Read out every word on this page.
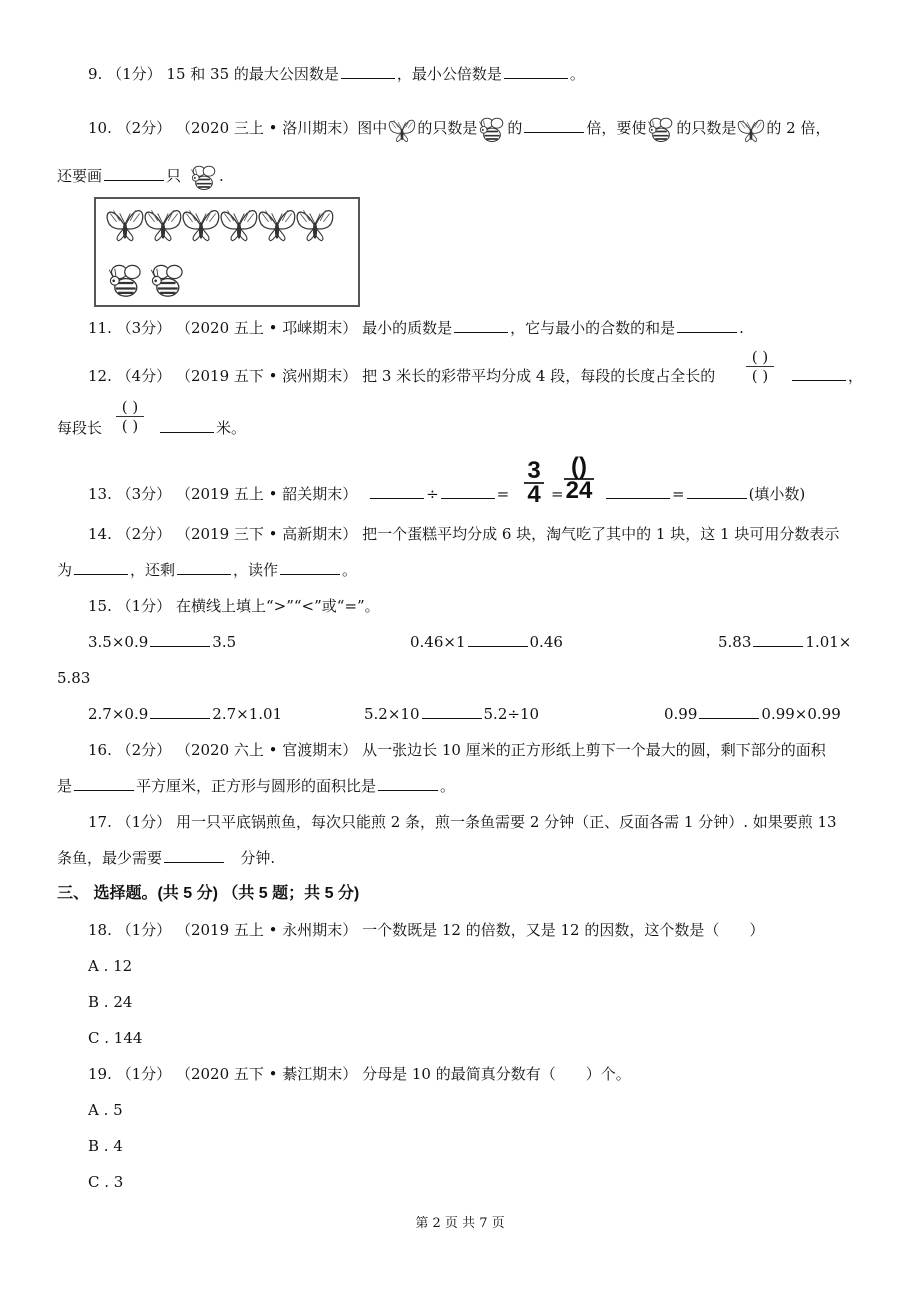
9. （1分） 15 和 35 的最大公因数是	，最小公倍数是	。
10. （2分） （2020 三上 • 洛川期末）图中 的只数是 的	倍，要使 的只数是 的 2 倍，
还要画	只	.
11. （3分） （2020 五上 • 邛崃期末） 最小的质数是	，它与最小的合数的和是	.
12. （4分） （2019 五下 • 滨州期末） 把 3 米长的彩带平均分成 4 段，每段的长度占全长的
( )
( )	，
每段长
( )
( )	米。
13. （3分） （2019 五上 • 韶关期末）	÷	=
3
4 =
()
24	=	(填小数)
14. （2分） （2019 三下 • 高新期末） 把一个蛋糕平均分成 6 块，淘气吃了其中的 1 块，这 1 块可用分数表示
为	，还剩	，读作	。
15. （1分） 在横线上填上“>”“<”或“=”。
3.5×0.9	3.5	0.46×1	0.46	5.83	1.01×
5.83
2.7×0.9	2.7×1.01	5.2×10	5.2÷10	0.99	0.99×0.99
16. （2分） （2020 六上 • 官渡期末） 从一张边长 10 厘米的正方形纸上剪下一个最大的圆，剩下部分的面积
是	平方厘米，正方形与圆形的面积比是	。
17. （1分） 用一只平底锅煎鱼，每次只能煎 2 条，煎一条鱼需要 2 分钟（正、反面各需 1 分钟）. 如果要煎 13
条鱼，最少需要	分钟.
三、 选择题。(共 5 分) （共 5 题；共 5 分)
18. （1分） （2019 五上 • 永州期末） 一个数既是 12 的倍数，又是 12 的因数，这个数是（　　）
A . 12
B . 24
C . 144
19. （1分） （2020 五下 • 綦江期末） 分母是 10 的最简真分数有（　　）个。
A . 5
B . 4
C . 3
第 2 页 共 7 页
